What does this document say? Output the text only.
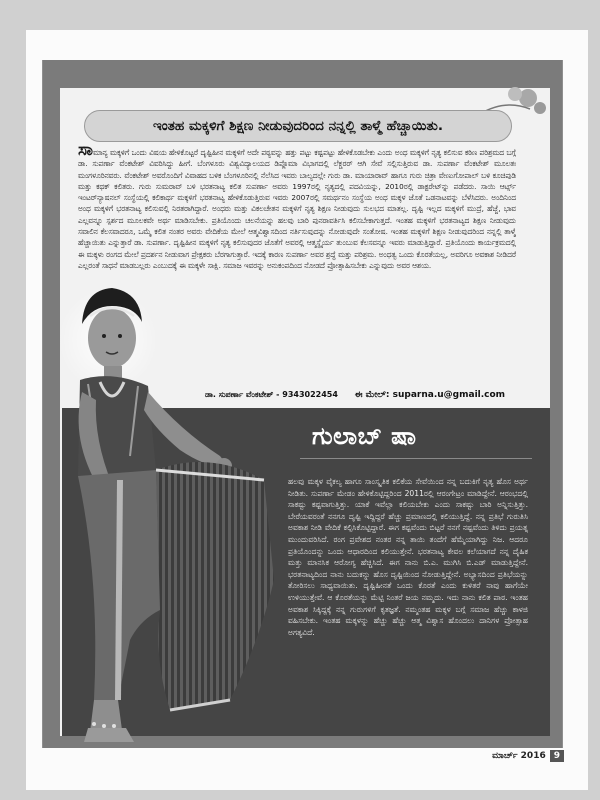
ಇಂತಹ ಮಕ್ಕಳಿಗೆ ಶಿಕ್ಷಣ ನೀಡುವುದರಿಂದ ನನ್ನಲ್ಲಿ ತಾಳ್ಮೆ ಹೆಚ್ಚಾಯಿತು.

ಸಾಮಾನ್ಯ ಮಕ್ಕಳಿಗೆ ಒಂದು ವಿಷಯ ಹೇಳಿಕೊಟ್ಟರೆ ದೃಷ್ಟಿಹೀನ ಮಕ್ಕಳಿಗೆ ಅದೇ ಪಠ್ಯವನ್ನು ಹತ್ತು ಪಟ್ಟು ಕಷ್ಟಪಟ್ಟು ಹೇಳಿಕೊಡಬೇಕು ಎಂದು ಅಂಧ ಮಕ್ಕಳಿಗೆ ನೃತ್ಯ ಕಲಿಸುವ ಕಠಿಣ ಪರಿಶ್ರಮದ ಬಗ್ಗೆ ಡಾ. ಸುಪರ್ಣಾ ವೆಂಕಟೇಶ್ ವಿವರಿಸಿದ್ದು ಹೀಗೆ. ಬೆಂಗಳೂರು ವಿಶ್ವವಿದ್ಯಾಲಯದ ಡಿಪ್ಲೊಮಾ ವಿಭಾಗದಲ್ಲಿ ಲೆಕ್ಚರರ್ ಆಗಿ ಸೇವೆ ಸಲ್ಲಿಸುತ್ತಿರುವ ಡಾ. ಸುಪರ್ಣಾ ವೆಂಕಟೇಶ್ ಮೂಲತಃ ಮಂಗಳೂರಿನವರು. ವೆಂಕಟೇಶ್ ಅವರೊಂದಿಗೆ ವಿವಾಹದ ಬಳಿಕ ಬೆಂಗಳೂರಿನಲ್ಲಿ ನೆಲೆಸಿದ ಇವರು ಬಾಲ್ಯದಲ್ಲೇ ಗುರು ಡಾ. ಮಾಯಾರಾವ್ ಹಾಗೂ ಗುರು ಚಿತ್ರಾ ವೇಣುಗೋಪಾಲ್ ಬಳಿ ಕೂಚಿಪುಡಿ ಮತ್ತು ಕಥಕ್ ಕಲಿತರು. ಗುರು ಸುಮರಾವ್ ಬಳಿ ಭರತನಾಟ್ಯ ಕಲಿತ ಸುಪರ್ಣಾ ಅವರು 1997ರಲ್ಲಿ ನೃತ್ಯದಲ್ಲಿ ಪದವಿಯನ್ನು, 2010ರಲ್ಲಿ ಡಾಕ್ಟರೇಟ್‌ನ್ನು ಪಡೆದರು. ಸಾಯಿ ಆರ್ಟ್ಸ್ ಇಂಟರ್‌ನ್ಯಾಷನಲ್ ಸಂಸ್ಥೆಯಲ್ಲಿ ಕಲಿಕಾರ್ಥ ಮಕ್ಕಳಿಗೆ ಭರತನಾಟ್ಯ ಹೇಳಿಕೊಡುತ್ತಿರುವ ಇವರು 2007ರಲ್ಲಿ ಸಮರ್ಥನಂ ಸಂಸ್ಥೆಯ ಅಂಧ ಮಕ್ಕಳ ಜೊತೆ ಒಡನಾಟವನ್ನು ಬೆಳೆಸಿದರು. ಅಂದಿನಿಂದ ಅಂಧ ಮಕ್ಕಳಿಗೆ ಭರತನಾಟ್ಯ ಕಲಿಸುವಲ್ಲಿ ನಿರತರಾಗಿದ್ದಾರೆ. ಅಂಧರು ಮತ್ತು ವಿಕಲಚೇತನ ಮಕ್ಕಳಿಗೆ ನೃತ್ಯ ಶಿಕ್ಷಣ ನೀಡುವುದು ಸುಲಭದ ಮಾತಲ್ಲ. ದೃಷ್ಟಿ ಇಲ್ಲದ ಮಕ್ಕಳಿಗೆ ಮುದ್ರೆ, ಹೆಜ್ಜೆ, ಭಾವ ಎಲ್ಲವನ್ನೂ ಸ್ಪರ್ಶದ ಮೂಲಕವೇ ಅರ್ಥ ಮಾಡಿಸಬೇಕು. ಪ್ರತಿಯೊಂದು ಚಲನೆಯನ್ನು ಹಲವು ಬಾರಿ ಪುನರಾವರ್ತಿಸಿ ಕಲಿಸಬೇಕಾಗುತ್ತದೆ. ಇಂತಹ ಮಕ್ಕಳಿಗೆ ಭರತನಾಟ್ಯದ ಶಿಕ್ಷಣ ನೀಡುವುದು ಸವಾಲಿನ ಕೆಲಸವಾದರೂ, ಒಮ್ಮೆ ಕಲಿತ ನಂತರ ಅವರು ವೇದಿಕೆಯ ಮೇಲೆ ಆತ್ಮವಿಶ್ವಾಸದಿಂದ ನರ್ತಿಸುವುದನ್ನು ನೋಡುವುದೇ ಸಂತೋಷ. ಇಂತಹ ಮಕ್ಕಳಿಗೆ ಶಿಕ್ಷಣ ನೀಡುವುದರಿಂದ ನನ್ನಲ್ಲಿ ತಾಳ್ಮೆ ಹೆಚ್ಚಾಯಿತು ಎನ್ನುತ್ತಾರೆ ಡಾ. ಸುಪರ್ಣಾ. ದೃಷ್ಟಿಹೀನ ಮಕ್ಕಳಿಗೆ ನೃತ್ಯ ಕಲಿಸುವುದರ ಜೊತೆಗೆ ಅವರಲ್ಲಿ ಆತ್ಮಸ್ಥೈರ್ಯ ತುಂಬುವ ಕೆಲಸವನ್ನೂ ಇವರು ಮಾಡುತ್ತಿದ್ದಾರೆ. ಪ್ರತಿಯೊಂದು ಕಾರ್ಯಕ್ರಮದಲ್ಲಿ ಈ ಮಕ್ಕಳು ರಂಗದ ಮೇಲೆ ಪ್ರದರ್ಶನ ನೀಡುವಾಗ ಪ್ರೇಕ್ಷಕರು ಬೆರಗಾಗುತ್ತಾರೆ. ಇದಕ್ಕೆ ಕಾರಣ ಸುಪರ್ಣಾ ಅವರ ಶ್ರದ್ಧೆ ಮತ್ತು ಪರಿಶ್ರಮ. ಅಂಧತ್ವ ಒಂದು ಕೊರತೆಯಲ್ಲ, ಅವರಿಗೂ ಅವಕಾಶ ನೀಡಿದರೆ ಎಲ್ಲರಂತೆ ಸಾಧನೆ ಮಾಡಬಲ್ಲರು ಎಂಬುದಕ್ಕೆ ಈ ಮಕ್ಕಳೇ ಸಾಕ್ಷಿ. ಸಮಾಜ ಇವರನ್ನು ಅನುಕಂಪದಿಂದ ನೋಡದೆ ಪ್ರೋತ್ಸಾಹಿಸಬೇಕು ಎನ್ನುವುದು ಅವರ ಆಶಯ.

ಡಾ. ಸುಪರ್ಣಾ ವೆಂಕಟೇಶ್ - 9343022454 ಈ ಮೇಲ್: suparna.u@gmail.com
ಗುಲಾಬ್ ಷಾ

ಹಲವು ಮಕ್ಕಳ ವೈಕಲ್ಯ ಹಾಗೂ ಸಾಂಸ್ಕೃತಿಕ ಕಲಿಕೆಯ ಸೇವೆಯಿಂದ ನನ್ನ ಬದುಕಿಗೆ ನೃತ್ಯ ಹೊಸ ಅರ್ಥ ನೀಡಿತು. ಸುಪರ್ಣಾ ಮೇಡಂ ಹೇಳಿಕೊಟ್ಟಿದ್ದರಿಂದ 2011ರಲ್ಲಿ ಆರಂಗೇಟ್ರಂ ಮಾಡಿದ್ದೇನೆ. ಆರಂಭದಲ್ಲಿ ಸಾಕಷ್ಟು ಕಷ್ಟವಾಗುತ್ತಿತ್ತು. ಯಾಕೆ ಇವೆಲ್ಲಾ ಕಲಿಯಬೇಕು ಎಂದು ಸಾಕಷ್ಟು ಬಾರಿ ಅನ್ನಿಸುತ್ತಿತ್ತು. ಬೇರೆಯವರಂತೆ ನನಗೂ ದೃಷ್ಟಿ ಇದ್ದಿದ್ದರೆ ಹೆಚ್ಚು ಪ್ರಮಾಣದಲ್ಲಿ ಕಲಿಯುತ್ತಿದ್ದೆ. ನನ್ನ ಪ್ರತಿಭೆ ಗುರುತಿಸಿ ಅವಕಾಶ ನೀಡಿ ವೇದಿಕೆ ಕಲ್ಪಿಸಿಕೊಟ್ಟಿದ್ದಾರೆ. ಈಗ ಕಷ್ಟವೆಂದು ಬಿಟ್ಟರೆ ನನಗೆ ನಷ್ಟವೆಂದು ತಿಳಿದು ಪ್ರಯತ್ನ ಮುಂದುವರಿಸಿದೆ. ರಂಗ ಪ್ರವೇಶದ ನಂತರ ನನ್ನ ತಾಯಿ ತಂದೆಗೆ ಹೆಮ್ಮೆಯಾಗಿದ್ದು ನಿಜ. ಆದರೂ ಪ್ರತಿಯೊಂದನ್ನು ಒಂದು ಆಧಾರದಿಂದ ಕಲಿಯುತ್ತೇನೆ. ಭರತನಾಟ್ಯ ಕೇವಲ ಕಲೆಯಾಗದೆ ನನ್ನ ದೈಹಿಕ ಮತ್ತು ಮಾನಸಿಕ ಆರೋಗ್ಯ ಹೆಚ್ಚಿಸಿದೆ. ಈಗ ನಾನು ಬಿ.ಎ. ಮುಗಿಸಿ ಬಿ.ಎಡ್ ಮಾಡುತ್ತಿದ್ದೇನೆ. ಭರತನಾಟ್ಯದಿಂದ ನಾನು ಬದುಕನ್ನು ಹೊಸ ದೃಷ್ಟಿಯಿಂದ ನೋಡುತ್ತಿದ್ದೇನೆ. ಅಭ್ಯಾಸದಿಂದ ಪ್ರತಿಭೆಯನ್ನು ತೋರಿಸಲು ಸಾಧ್ಯವಾಯಿತು. ದೃಷ್ಟಿಹೀನತೆ ಒಂದು ಕೊರತೆ ಎಂದು ಕುಳಿತರೆ ನಾವು ಹಾಗೆಯೇ ಉಳಿಯುತ್ತೇವೆ. ಆ ಕೊರತೆಯನ್ನು ಮೆಟ್ಟಿ ನಿಂತರೆ ಜಯ ನಮ್ಮದು. ಇದು ನಾನು ಕಲಿತ ಪಾಠ. ಇಂತಹ ಅವಕಾಶ ಸಿಕ್ಕಿದ್ದಕ್ಕೆ ನನ್ನ ಗುರುಗಳಿಗೆ ಕೃತಜ್ಞತೆ. ನಮ್ಮಂತಹ ಮಕ್ಕಳ ಬಗ್ಗೆ ಸಮಾಜ ಹೆಚ್ಚು ಕಾಳಜಿ ವಹಿಸಬೇಕು. ಇಂತಹ ಮಕ್ಕಳನ್ನು ಹೆಚ್ಚು ಹೆಚ್ಚು ಆತ್ಮ ವಿಶ್ವಾಸ ಹೊಂದಲು ದಾನಿಗಳ ಪ್ರೋತ್ಸಾಹ ಅಗತ್ಯವಿದೆ.

ಮಾರ್ಚ್ 2016 9
